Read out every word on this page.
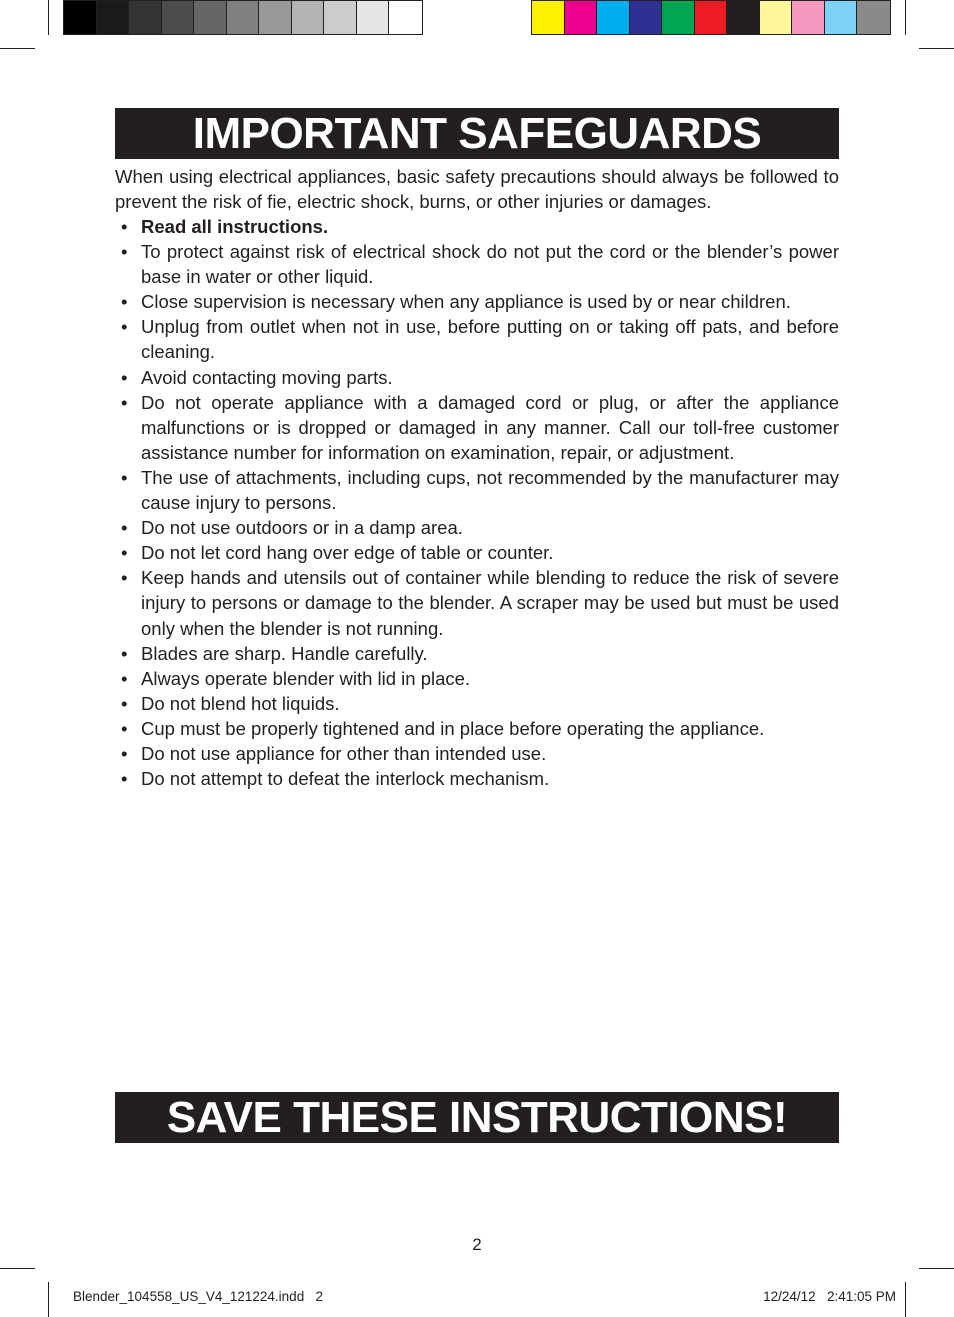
IMPORTANT SAFEGUARDS
When using electrical appliances, basic safety precautions should always be followed to prevent the risk of fie, electric shock, burns, or other injuries or damages.
• Read all instructions.
• To protect against risk of electrical shock do not put the cord or the blender’s power base in water or other liquid.
• Close supervision is necessary when any appliance is used by or near children.
• Unplug from outlet when not in use, before putting on or taking off pats, and before cleaning.
• Avoid contacting moving parts.
• Do not operate appliance with a damaged cord or plug, or after the appliance malfunctions or is dropped or damaged in any manner. Call our toll-free customer assistance number for information on examination, repair, or adjustment.
• The use of attachments, including cups, not recommended by the manufacturer may cause injury to persons.
• Do not use outdoors or in a damp area.
• Do not let cord hang over edge of table or counter.
• Keep hands and utensils out of container while blending to reduce the risk of severe injury to persons or damage to the blender. A scraper may be used but must be used only when the blender is not running.
• Blades are sharp. Handle carefully.
• Always operate blender with lid in place.
• Do not blend hot liquids.
• Cup must be properly tightened and in place before operating the appliance.
• Do not use appliance for other than intended use.
• Do not attempt to defeat the interlock mechanism.
SAVE THESE INSTRUCTIONS!
2
Blender_104558_US_V4_121224.indd   2	12/24/12   2:41:05 PM
